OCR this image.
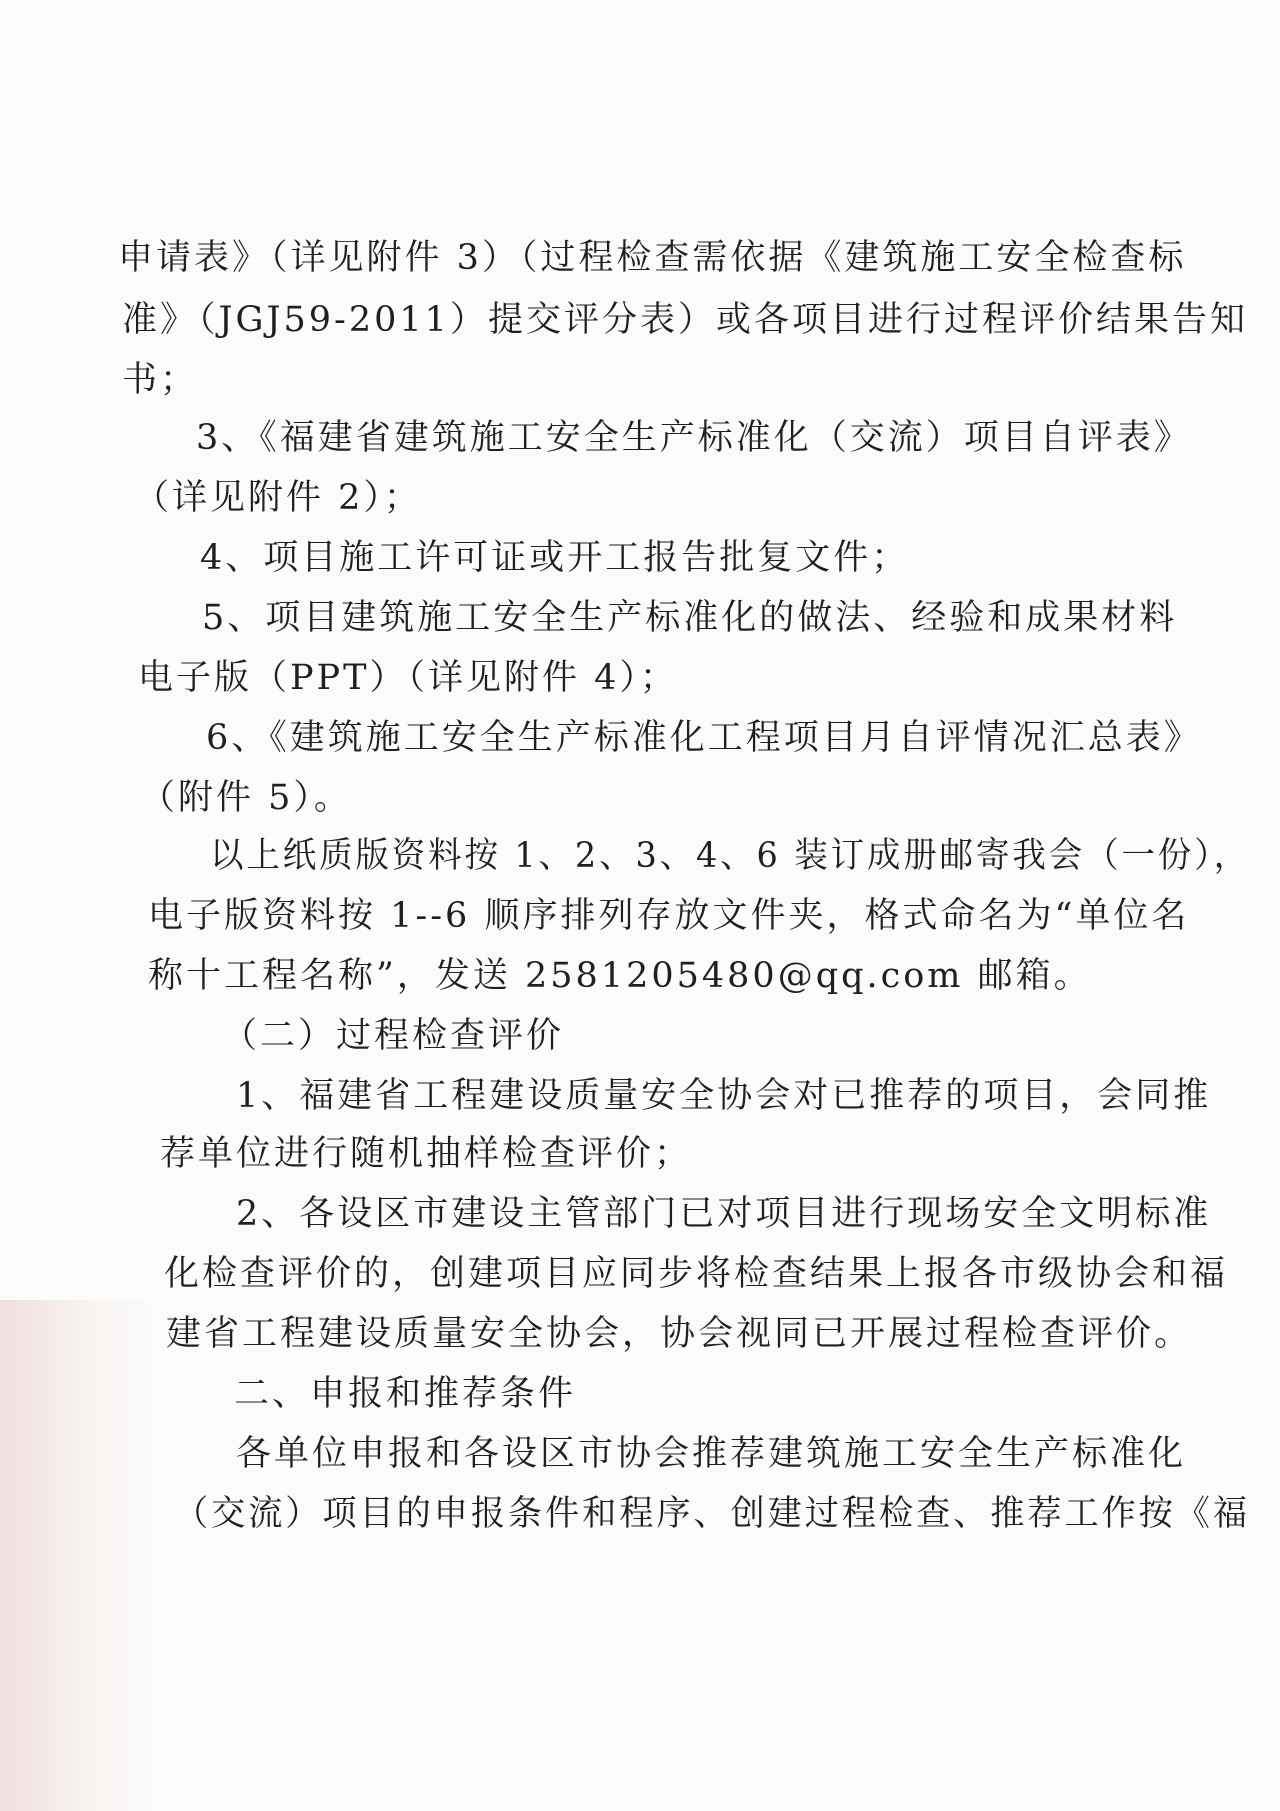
申请表》（详见附件 3）（过程检查需依据《建筑施工安全检查标
准》（JGJ59-2011）提交评分表）或各项目进行过程评价结果告知
书；
3、《福建省建筑施工安全生产标准化（交流）项目自评表》
（详见附件 2）；
4、项目施工许可证或开工报告批复文件；
5、项目建筑施工安全生产标准化的做法、经验和成果材料
电子版（PPT）（详见附件 4）；
6、《建筑施工安全生产标准化工程项目月自评情况汇总表》
（附件 5）。
以上纸质版资料按 1、2、3、4、6 装订成册邮寄我会（一份），
电子版资料按 1--6 顺序排列存放文件夹，格式命名为“单位名
称十工程名称”，发送 2581205480@qq.com 邮箱。
（二）过程检查评价
1、福建省工程建设质量安全协会对已推荐的项目，会同推
荐单位进行随机抽样检查评价；
2、各设区市建设主管部门已对项目进行现场安全文明标准
化检查评价的，创建项目应同步将检查结果上报各市级协会和福
建省工程建设质量安全协会，协会视同已开展过程检查评价。
二、申报和推荐条件
各单位申报和各设区市协会推荐建筑施工安全生产标准化
（交流）项目的申报条件和程序、创建过程检查、推荐工作按《福
